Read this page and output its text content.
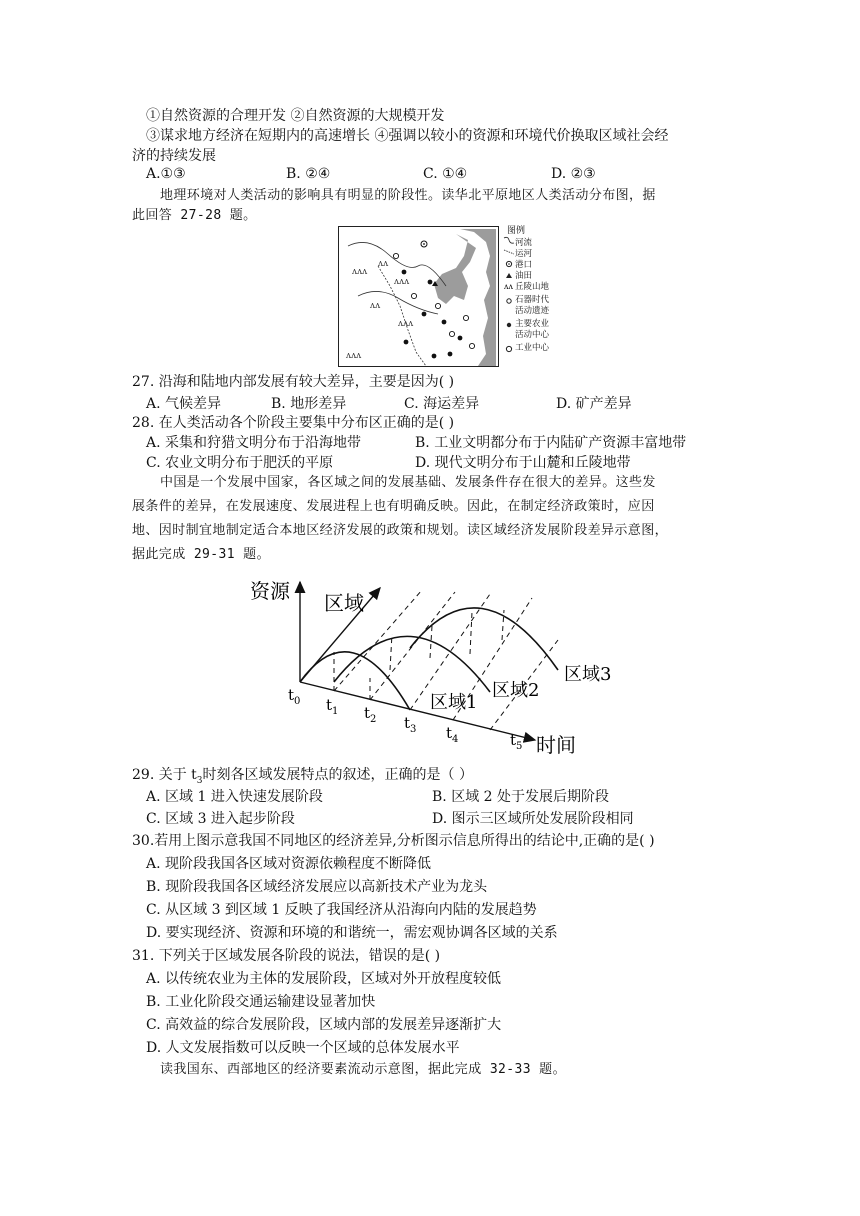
①自然资源的合理开发 ②自然资源的大规模开发
③谋求地方经济在短期内的高速增长 ④强调以较小的资源和环境代价换取区域社会经
济的持续发展
A.①③	B. ②④	C. ①④	D. ②③
地理环境对人类活动的影响具有明显的阶段性。读华北平原地区人类活动分布图，据
此回答 27-28 题。
ʌʌʌ
ʌʌ
ʌʌʌ
ʌʌ
ʌʌʌ
ʌʌʌ
图例
河流
运河
港口
油田
丘陵山地
石器时代
活动遗迹
主要农业
活动中心
工业中心
ʌʌ
27. 沿海和陆地内部发展有较大差异，主要是因为( )
A. 气候差异	B. 地形差异	C. 海运差异	D. 矿产差异
28. 在人类活动各个阶段主要集中分布区正确的是( )
A. 采集和狩猎文明分布于沿海地带	B. 工业文明都分布于内陆矿产资源丰富地带
C. 农业文明分布于肥沃的平原	D. 现代文明分布于山麓和丘陵地带
中国是一个发展中国家，各区域之间的发展基础、发展条件存在很大的差异。这些发
展条件的差异，在发展速度、发展进程上也有明确反映。因此，在制定经济政策时，应因
地、因时制宜地制定适合本地区经济发展的政策和规划。读区域经济发展阶段差异示意图，
据此完成 29-31 题。
资源 区域
时间
$t_0$ $t_1$ $t_2$ $t_3$ $t_4$	$t_5$
区域1
区域2
区域3
29. 关于 $t_3$时刻各区域发展特点的叙述，正确的是（ ）
A. 区域 1 进入快速发展阶段	B. 区域 2 处于发展后期阶段
C. 区域 3 进入起步阶段	D. 图示三区域所处发展阶段相同
30.若用上图示意我国不同地区的经济差异,分析图示信息所得出的结论中,正确的是( )
A. 现阶段我国各区域对资源依赖程度不断降低
B. 现阶段我国各区域经济发展应以高新技术产业为龙头
C. 从区域 3 到区域 1 反映了我国经济从沿海向内陆的发展趋势
D. 要实现经济、资源和环境的和谐统一，需宏观协调各区域的关系
31. 下列关于区域发展各阶段的说法，错误的是( )
A. 以传统农业为主体的发展阶段，区域对外开放程度较低
B. 工业化阶段交通运输建设显著加快
C. 高效益的综合发展阶段，区域内部的发展差异逐渐扩大
D. 人文发展指数可以反映一个区域的总体发展水平
读我国东、西部地区的经济要素流动示意图，据此完成 32-33 题。
